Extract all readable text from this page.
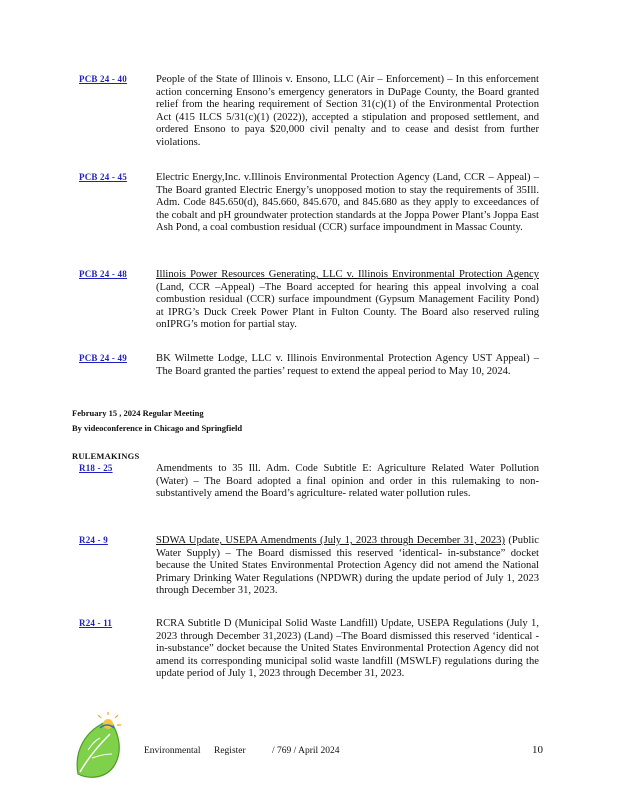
PCB 24 - 40	People of the State of Illinois v. Ensono, LLC (Air – Enforcement) – In this enforcement action concerning Ensono’s emergency generators in DuPage County, the Board granted relief from the hearing requirement of Section 31(c)(1) of the Environmental Protection Act (415 ILCS 5/31(c)(1) (2022)), accepted a stipulation and proposed settlement, and ordered Ensono to paya $20,000 civil penalty and to cease and desist from further violations.
PCB 24 - 45	Electric Energy,Inc. v.Illinois Environmental Protection Agency (Land, CCR – Appeal) – The Board granted Electric Energy’s unopposed motion to stay the requirements of 35Ill. Adm. Code 845.650(d), 845.660, 845.670, and 845.680 as they apply to exceedances of the cobalt and pH groundwater protection standards at the Joppa Power Plant’s Joppa East Ash Pond, a coal combustion residual (CCR) surface impoundment in Massac County.
PCB 24 - 48	Illinois Power Resources Generating, LLC v. Illinois Environmental Protection Agency (Land, CCR –Appeal) –The Board accepted for hearing this appeal involving a coal combustion residual (CCR) surface impoundment (Gypsum Management Facility Pond) at IPRG’s Duck Creek Power Plant in Fulton County. The Board also reserved ruling onIPRG’s motion for partial stay.
PCB 24 - 49	BK Wilmette Lodge, LLC v. Illinois Environmental Protection Agency UST Appeal) – The Board granted the parties’ request to extend the appeal period to May 10, 2024.
February 15 , 2024 Regular Meeting
By videoconference in Chicago and Springfield
RULEMAKINGS
R18 - 25	Amendments to 35 Ill. Adm. Code Subtitle E: Agriculture Related Water Pollution (Water) – The Board adopted a final opinion and order in this rulemaking to non-substantively amend the Board’s agriculture- related water pollution rules.
R24 - 9	SDWA Update, USEPA Amendments (July 1, 2023 through December 31, 2023) (Public Water Supply) – The Board dismissed this reserved ‘identical- in-substance” docket because the United States Environmental Protection Agency did not amend the National Primary Drinking Water Regulations (NPDWR) during the update period of July 1, 2023 through December 31, 2023.
R24 - 11	RCRA Subtitle D (Municipal Solid Waste Landfill) Update, USEPA Regulations (July 1, 2023 through December 31,2023) (Land) –The Board dismissed this reserved ‘identical -in-substance” docket because the United States Environmental Protection Agency did not amend its corresponding municipal solid waste landfill (MSWLF) regulations during the update period of July 1, 2023 through December 31, 2023.
Environmental Register	/ 769 / April 2024	10
